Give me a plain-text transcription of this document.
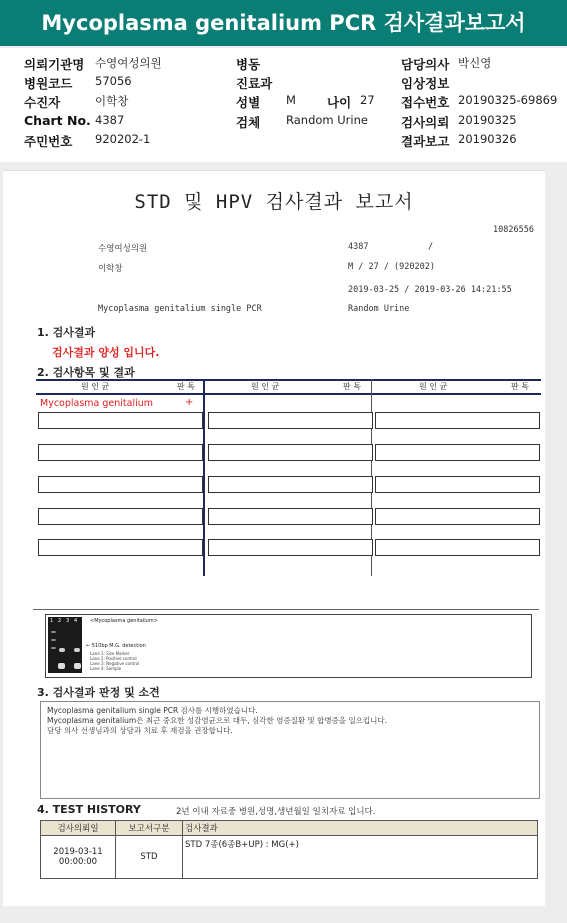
Mycoplasma genitalium PCR 검사결과보고서
의뢰기관명 수영여성의원	병동	담당의사 박신영
병원코드 57056	진료과	임상정보
수진자	이학창	성별 M 나이 27 접수번호 20190325-69869
Chart No. 4387	검체 Random Urine	검사의뢰 20190325
주민번호 920202-1	결과보고 20190326
STD 및 HPV 검사결과 보고서
10826556
수영여성의원	4387	/
이학창	M / 27 / (920202)
2019-03-25 / 2019-03-26 14:21:55
Mycoplasma genitalium single PCR	Random Urine
1. 검사결과
검사결과 양성 입니다.
2. 검사항목 및 결과
원 인 균	판 독	원 인 균	판 독	원 인 균	판 독
Mycoplasma genitalium	+
1 2 3 4	<Mycoplasma genitalium>
← 510bp M.G. detection
Lane 1: Size Marker
Lane 2: Positive control
Lane 3: Negative control
Lane 4: Sample
3. 검사결과 판정 및 소견
Mycoplasma genitalium single PCR 검사를 시행하였습니다.
Mycoplasma genitalium은 최근 중요한 성감염균으로 대두, 심각한 염증질환 및 합병증을 일으킵니다.
담당 의사 선생님과의 상담과 치료 후 재검을 권장합니다.
4. TEST HISTORY	2년 이내 자료중 병원,성명,생년월일 일치자료 입니다.
검사의뢰일	보고서구분	검사결과

2019-03-11
00:00:00	STD	STD 7종(6종B+UP) : MG(+)
